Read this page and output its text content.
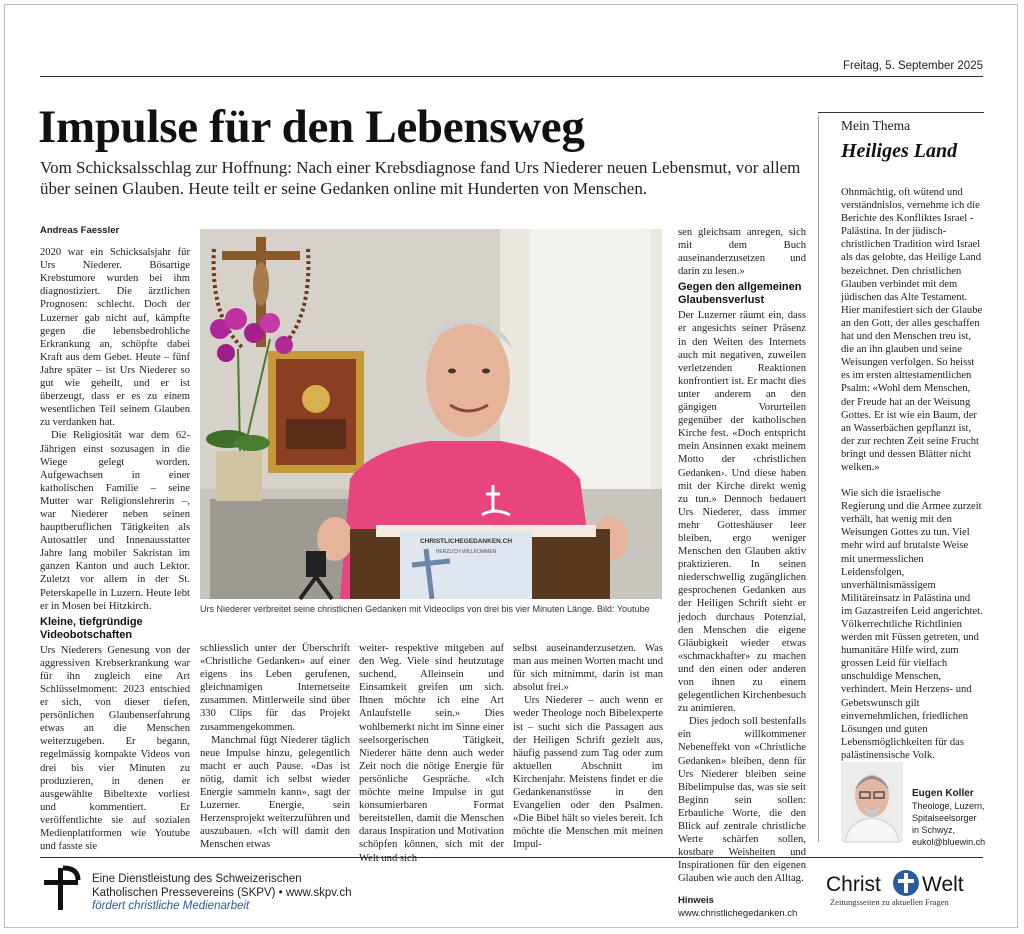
Freitag, 5. September 2025
Impulse für den Lebensweg
Vom Schicksalsschlag zur Hoffnung: Nach einer Krebsdiagnose fand Urs Niederer neuen Lebensmut, vor allem über seinen Glauben. Heute teilt er seine Gedanken online mit Hunderten von Menschen.
Andreas Faessler

2020 war ein Schicksalsjahr für Urs Niederer. Bösartige Krebstumore wurden bei ihm diagnostiziert. Die ärztlichen Prognosen: schlecht. Doch der Luzerner gab nicht auf, kämpfte gegen die lebensbedrohliche Erkrankung an, schöpfte dabei Kraft aus dem Gebet. Heute – fünf Jahre später – ist Urs Niederer so gut wie geheilt, und er ist überzeugt, dass er es zu einem wesentlichen Teil seinem Glauben zu verdanken hat.

Die Religiosität war dem 62-Jährigen einst sozusagen in die Wiege gelegt worden. Aufgewachsen in einer katholischen Familie – seine Mutter war Religionslehrerin –, war Niederer neben seinen hauptberuflichen Tätigkeiten als Autosattler und Innenausstatter Jahre lang mobiler Sakristan im ganzen Kanton und auch Lektor. Zuletzt vor allem in der St. Peterskapelle in Luzern. Heute lebt er in Mosen bei Hitzkirch.

Kleine, tiefgründige Videobotschaften

Urs Niederers Genesung von der aggressiven Krebserkrankung war für ihn zugleich eine Art Schlüsselmoment: 2023 entschied er sich, von dieser tiefen, persönlichen Glaubenserfahrung etwas an die Menschen weiterzugeben. Er begann, regelmässig kompakte Videos von drei bis vier Minuten zu produzieren, in denen er ausgewählte Bibeltexte vorliest und kommentiert. Er veröffentlichte sie auf sozialen Medienplattformen wie Youtube und fasste sie

CHRISTLICHEGEDANKEN.CH
HERZLICH WILLKOMMEN
Urs Niederer verbreitet seine christlichen Gedanken mit Videoclips von drei bis vier Minuten Länge. Bild: Youtube

schliesslich unter der Überschrift «Christliche Gedanken» auf einer eigens ins Leben gerufenen, gleichnamigen Internetseite zusammen. Mittlerweile sind über 330 Clips für das Projekt zusammengekommen.

Manchmal fügt Niederer täglich neue Impulse hinzu, gelegentlich macht er auch Pause. «Das ist nötig, damit ich selbst wieder Energie sammeln kann», sagt der Luzerner. Energie, sein Herzensprojekt weiterzuführen und auszubauen. «Ich will damit den Menschen etwas

weiter- respektive mitgeben auf den Weg. Viele sind heutzutage suchend, Alleinsein und Einsamkeit greifen um sich. Ihnen möchte ich eine Art Anlaufstelle sein.» Dies wohlbemerkt nicht im Sinne einer seelsorgerischen Tätigkeit, Niederer hätte denn auch weder Zeit noch die nötige Energie für persönliche Gespräche. «Ich möchte meine Impulse in gut konsumierbaren Format bereitstellen, damit die Menschen daraus Inspiration und Motivation schöpfen können, sich mit der Welt und sich

selbst auseinanderzusetzen. Was man aus meinen Worten macht und für sich mitnimmt, darin ist man absolut frei.»

Urs Niederer – auch wenn er weder Theologe noch Bibelexperte ist – sucht sich die Passagen aus der Heiligen Schrift gezielt aus, häufig passend zum Tag oder zum aktuellen Abschnitt im Kirchenjahr. Meistens findet er die Gedankenanstösse in den Evangelien oder den Psalmen. «Die Bibel hält so vieles bereit. Ich möchte die Menschen mit meinen Impul-

sen gleichsam anregen, sich mit dem Buch auseinanderzusetzen und darin zu lesen.»

Gegen den allgemeinen Glaubensverlust

Der Luzerner räumt ein, dass er angesichts seiner Präsenz in den Weiten des Internets auch mit negativen, zuweilen verletzenden Reaktionen konfrontiert ist. Er macht dies unter anderem an den gängigen Vorurteilen gegenüber der katholischen Kirche fest. «Doch entspricht mein Ansinnen exakt meinem Motto der ‹christlichen Gedanken›. Und diese haben mit der Kirche direkt wenig zu tun.» Dennoch bedauert Urs Niederer, dass immer mehr Gotteshäuser leer bleiben, ergo weniger Menschen den Glauben aktiv praktizieren. In seinen niederschwellig zugänglichen gesprochenen Gedanken aus der Heiligen Schrift sieht er jedoch durchaus Potenzial, den Menschen die eigene Gläubigkeit wieder etwas «schmackhafter» zu machen und den einen oder anderen von ihnen zu einem gelegentlichen Kirchenbesuch zu animieren.

Dies jedoch soll bestenfalls ein willkommener Nebeneffekt von «Christliche Gedanken» bleiben, denn für Urs Niederer bleiben seine Bibelimpulse das, was sie seit Beginn sein sollen: Erbauliche Worte, die den Blick auf zentrale christliche Werte schärfen sollen, kostbare Weisheiten und Inspirationen für den eigenen Glauben wie auch den Alltag.

Hinweis
www.christlichegedanken.ch
Mein Thema
Heiliges Land

Ohnmächtig, oft wütend und verständnislos, vernehme ich die Berichte des Konfliktes Israel - Palästina. In der jüdisch-christlichen Tradition wird Israel als das gelobte, das Heilige Land bezeichnet. Den christlichen Glauben verbindet mit dem jüdischen das Alte Testament. Hier manifestiert sich der Glaube an den Gott, der alles geschaffen hat und den Menschen treu ist, die an ihn glauben und seine Weisungen verfolgen. So heisst es im ersten alttestamentlichen Psalm: «Wohl dem Menschen, der Freude hat an der Weisung Gottes. Er ist wie ein Baum, der an Wasserbächen gepflanzt ist, der zur rechten Zeit seine Frucht bringt und dessen Blätter nicht welken.»

Wie sich die israelische Regierung und die Armee zurzeit verhält, hat wenig mit den Weisungen Gottes zu tun. Viel mehr wird auf brutalste Weise mit unermesslichen Leidensfolgen, unverhältnismässigem Militäreinsatz in Palästina und im Gazastreifen Leid angerichtet. Völkerrechtliche Richtlinien werden mit Füssen getreten, und humanitäre Hilfe wird, zum grossen Leid für vielfach unschuldige Menschen, verhindert. Mein Herzens- und Gebetswunsch gilt einvernehmlichen, friedlichen Lösungen und guten Lebensmöglichkeiten für das palästinensische Volk.

Eugen Koller
Theologe, Luzern,
Spitalseelsorger
in Schwyz,
eukol@bluewin.ch
Eine Dienstleistung des Schweizerischen
Katholischen Pressevereins (SKPV) • www.skpv.ch
fördert christliche Medienarbeit
Christ Welt
Zeitungsseiten zu aktuellen Fragen
